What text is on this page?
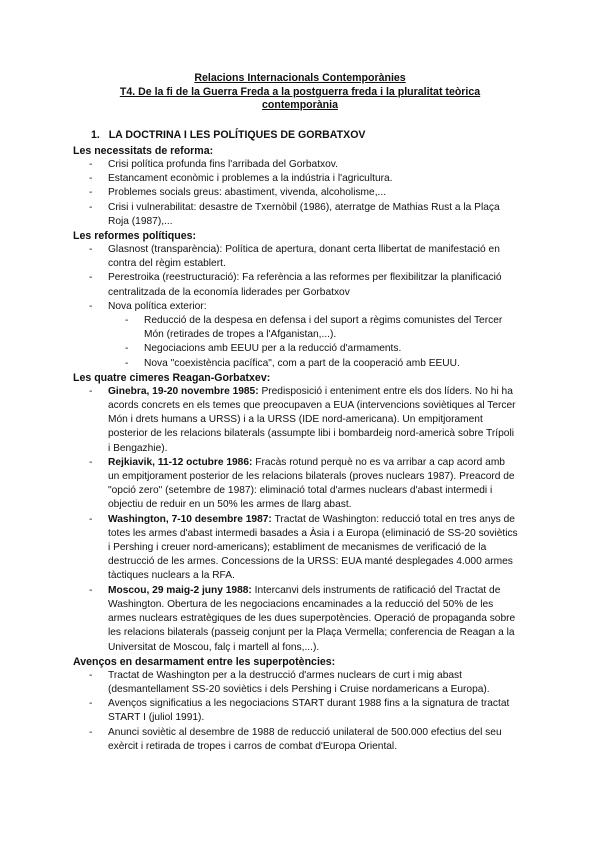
Relacions Internacionals Contemporànies
T4. De la fi de la Guerra Freda a la postguerra freda i la pluralitat teòrica
contemporània
1. LA DOCTRINA I LES POLÍTIQUES DE GORBATXOV
Les necessitats de reforma:
- Crisi política profunda fins l'arribada del Gorbatxov.
- Estancament econòmic i problemes a la indústria i l'agricultura.
- Problemes socials greus: abastiment, vivenda, alcoholisme,...
- Crisi i vulnerabilitat: desastre de Txernòbil (1986), aterratge de Mathias Rust a la Plaça Roja (1987),...
Les reformes polítiques:
- Glasnost (transparència): Política de apertura, donant certa llibertat de manifestació en contra del règim establert.
- Perestroika (reestructuració): Fa referència a las reformes per flexibilitzar la planificació centralitzada de la economía liderades per Gorbatxov
- Nova política exterior:
- Reducció de la despesa en defensa i del suport a règims comunistes del Tercer Món (retirades de tropes a l'Afganistan,...).
- Negociacions amb EEUU per a la reducció d'armaments.
- Nova "coexistència pacífica", com a part de la cooperació amb EEUU.
Les quatre cimeres Reagan-Gorbatxev:
- Ginebra, 19-20 novembre 1985: Predisposició i enteniment entre els dos líders. No hi ha acords concrets en els temes que preocupaven a EUA (intervencions soviètiques al Tercer Món i drets humans a URSS) i a la URSS (IDE nord-americana). Un empitjorament posterior de les relacions bilaterals (assumpte libi i bombardeig nord-americà sobre Trípoli i Bengazhie).
- Rejkiavik, 11-12 octubre 1986: Fracàs rotund perquè no es va arribar a cap acord amb un empitjorament posterior de les relacions bilaterals (proves nuclears 1987). Preacord de "opció zero" (setembre de 1987): eliminació total d'armes nuclears d'abast intermedi i objectiu de reduir en un 50% les armes de llarg abast.
- Washington, 7-10 desembre 1987: Tractat de Washington: reducció total en tres anys de totes les armes d'abast intermedi basades a Àsia i a Europa (eliminació de SS-20 soviètics i Pershing i creuer nord-americans); establiment de mecanismes de verificació de la destrucció de les armes. Concessions de la URSS: EUA manté desplegades 4.000 armes tàctiques nuclears a la RFA.
- Moscou, 29 maig-2 juny 1988: Intercanvi dels instruments de ratificació del Tractat de Washington. Obertura de les negociacions encaminades a la reducció del 50% de les armes nuclears estratègiques de les dues superpotències. Operació de propaganda sobre les relacions bilaterals (passeig conjunt per la Plaça Vermella; conferencia de Reagan a la Universitat de Moscou, falç i martell al fons,...).
Avenços en desarmament entre les superpotències:
- Tractat de Washington per a la destrucció d'armes nuclears de curt i mig abast (desmantellament SS-20 soviètics i dels Pershing i Cruise nordamericans a Europa).
- Avenços significatius a les negociacions START durant 1988 fins a la signatura de tractat START I (juliol 1991).
- Anunci soviètic al desembre de 1988 de reducció unilateral de 500.000 efectius del seu exèrcit i retirada de tropes i carros de combat d'Europa Oriental.
